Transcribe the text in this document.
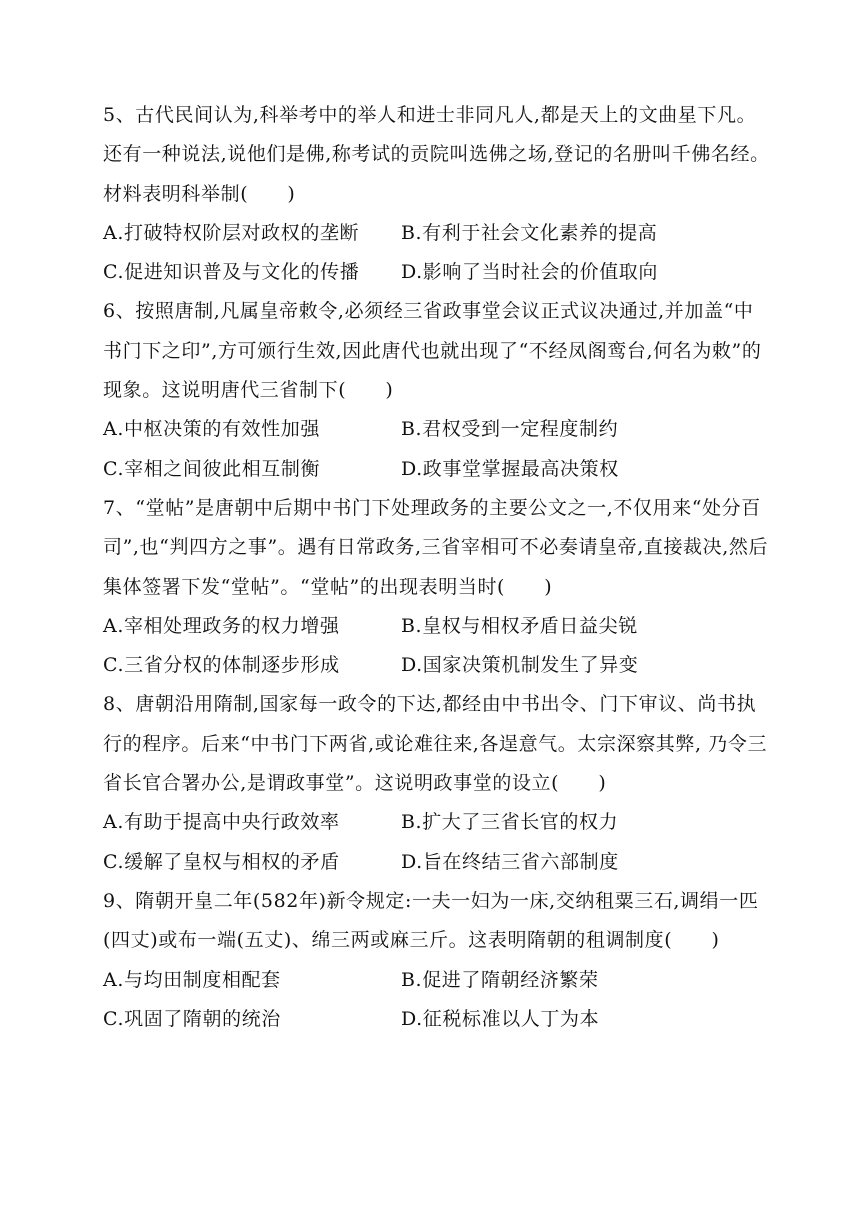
5、古代民间认为,科举考中的举人和进士非同凡人,都是天上的文曲星下凡。还有一种说法,说他们是佛,称考试的贡院叫选佛之场,登记的名册叫千佛名经。材料表明科举制(　　)
A.打破特权阶层对政权的垄断	B.有利于社会文化素养的提高
C.促进知识普及与文化的传播	D.影响了当时社会的价值取向
6、按照唐制,凡属皇帝敕令,必须经三省政事堂会议正式议决通过,并加盖“中书门下之印”,方可颁行生效,因此唐代也就出现了“不经凤阁鸾台,何名为敕”的现象。这说明唐代三省制下(　　)
A.中枢决策的有效性加强	B.君权受到一定程度制约
C.宰相之间彼此相互制衡	D.政事堂掌握最高决策权
7、“堂帖”是唐朝中后期中书门下处理政务的主要公文之一,不仅用来“处分百司”,也“判四方之事”。遇有日常政务,三省宰相可不必奏请皇帝,直接裁决,然后集体签署下发“堂帖”。“堂帖”的出现表明当时(　　)
A.宰相处理政务的权力增强	B.皇权与相权矛盾日益尖锐
C.三省分权的体制逐步形成	D.国家决策机制发生了异变
8、唐朝沿用隋制,国家每一政令的下达,都经由中书出令、门下审议、尚书执行的程序。后来“中书门下两省,或论难往来,各逞意气。太宗深察其弊, 乃令三省长官合署办公,是谓政事堂”。这说明政事堂的设立(　　)
A.有助于提高中央行政效率	B.扩大了三省长官的权力
C.缓解了皇权与相权的矛盾	D.旨在终结三省六部制度
9、隋朝开皇二年(582年)新令规定:一夫一妇为一床,交纳租粟三石,调绢一匹(四丈)或布一端(五丈)、绵三两或麻三斤。这表明隋朝的租调制度(　　)
A.与均田制度相配套	B.促进了隋朝经济繁荣
C.巩固了隋朝的统治	D.征税标准以人丁为本
